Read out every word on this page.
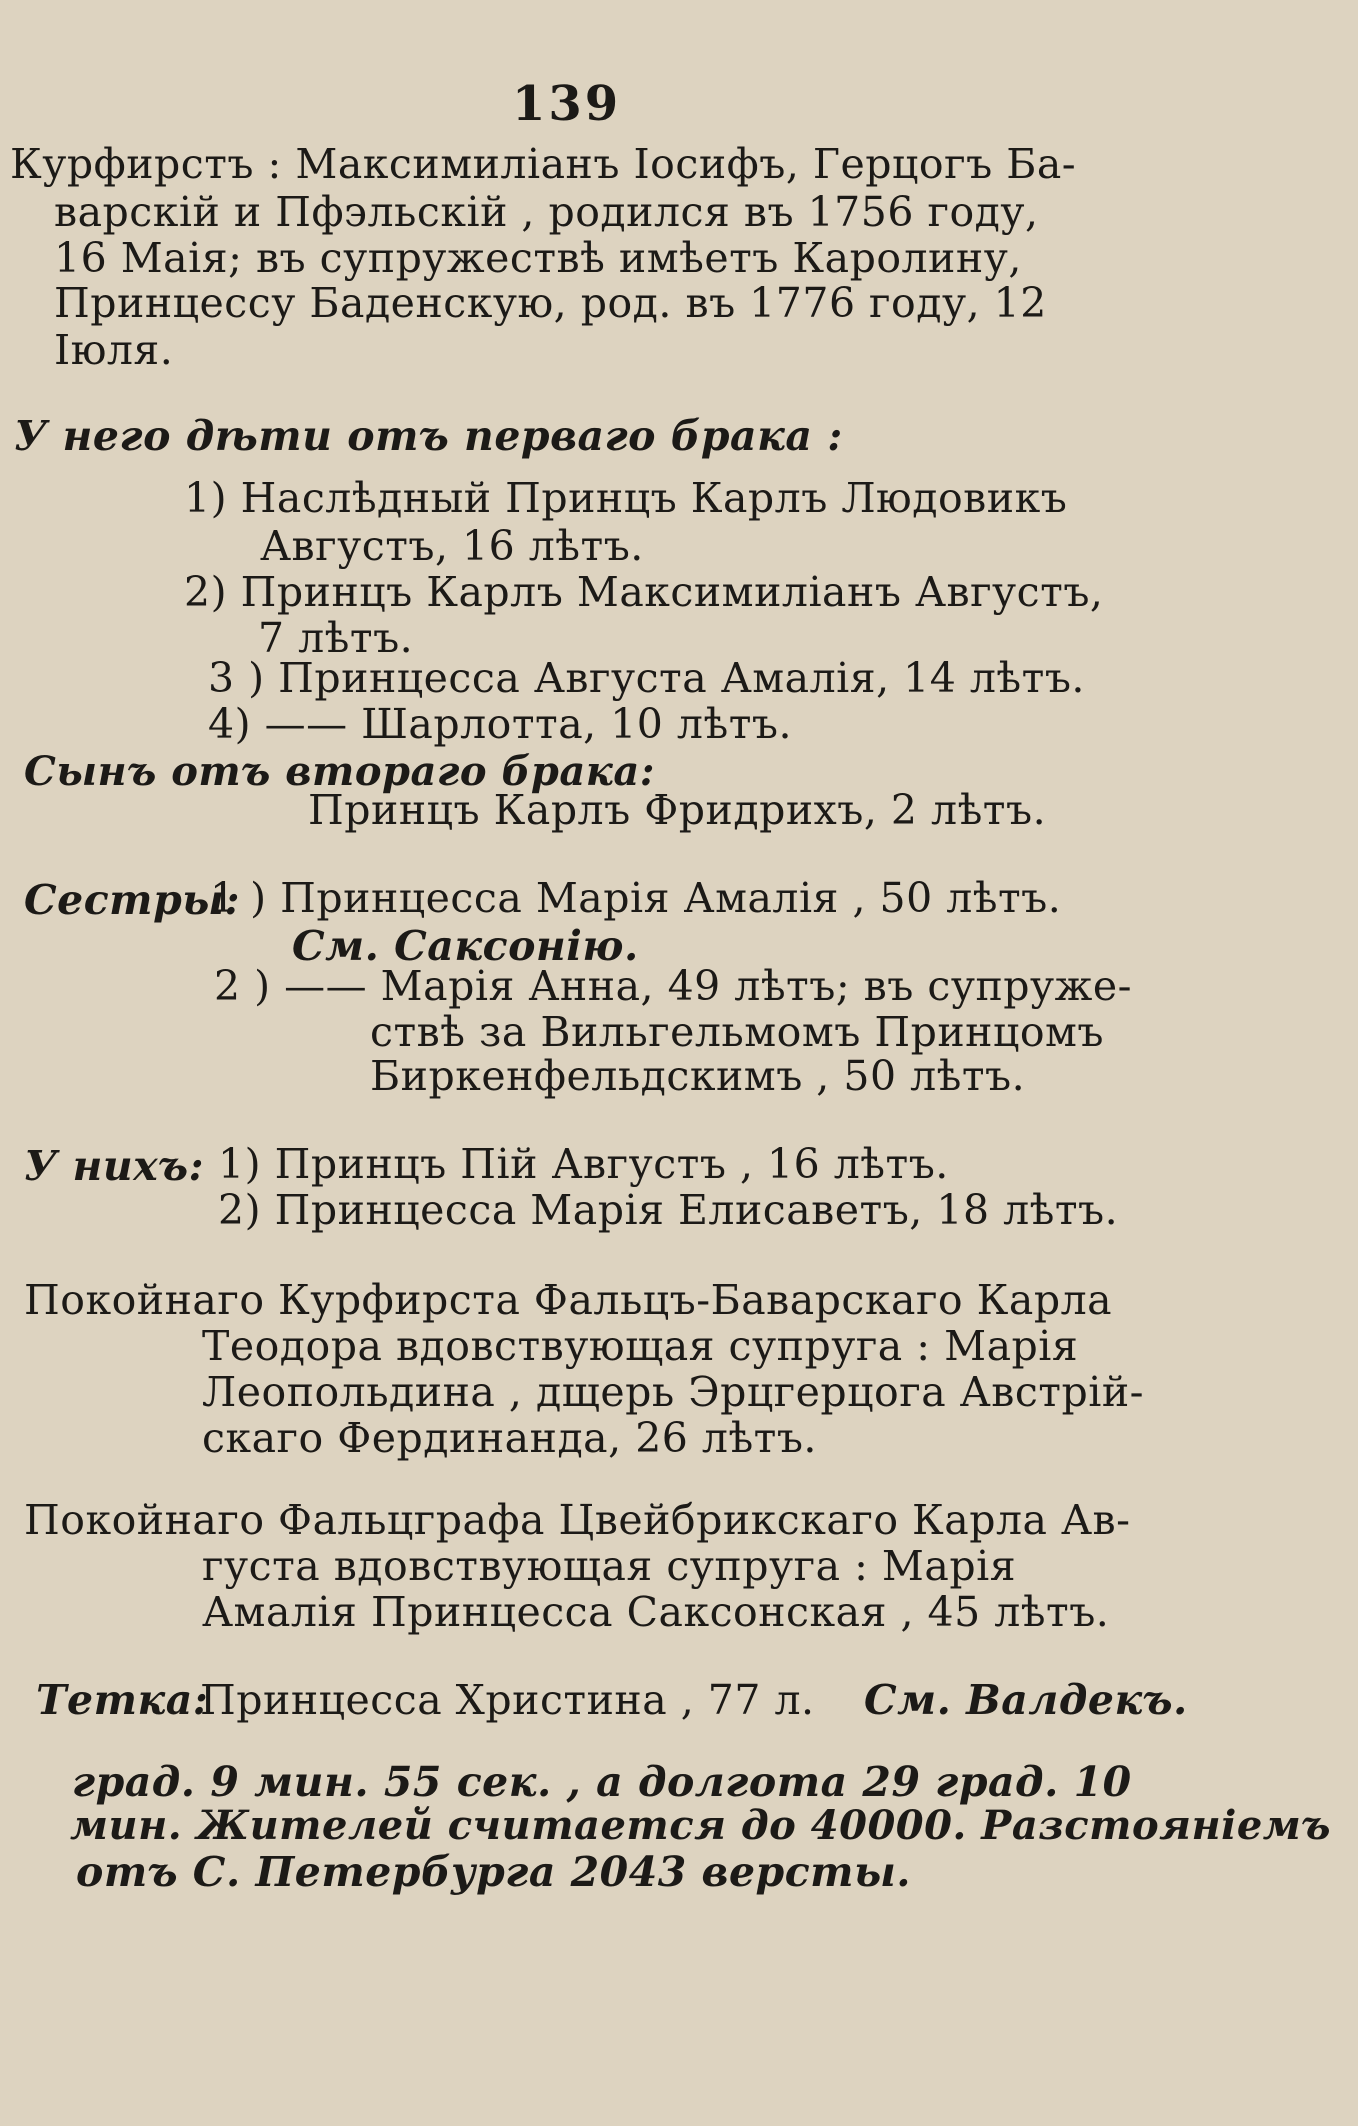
139
Курфирстъ : Максимиліанъ Іосифъ, Герцогъ Ба-
варскій и Пфэльскій , родился въ 1756 году,
16 Маія; въ супружествѣ имѣетъ Каролину,
Принцессу Баденскую, род. въ 1776 году, 12
Іюля.
У него дѣти отъ перваго брака :
1) Наслѣдный Принцъ Карлъ Людовикъ
Августъ, 16 лѣтъ.
2) Принцъ Карлъ Максимиліанъ Августъ,
7 лѣтъ.
3 ) Принцесса Августа Амалія, 14 лѣтъ.
4) —— Шарлотта, 10 лѣтъ.
Сынъ отъ втораго брака:
Принцъ Карлъ Фридрихъ, 2 лѣтъ.
Сестры:
1 ) Принцесса Марія Амалія , 50 лѣтъ.
См. Саксонію.
2 ) —— Марія Анна, 49 лѣтъ; въ супруже-
ствѣ за Вильгельмомъ Принцомъ
Биркенфельдскимъ , 50 лѣтъ.
У нихъ: 1) Принцъ Пій Августъ , 16 лѣтъ.
2) Принцесса Марія Елисаветъ, 18 лѣтъ.
Покойнаго Курфирста Фальцъ-Баварскаго Карла
Теодора вдовствующая супруга : Марія
Леопольдина , дщерь Эрцгерцога Австрій-
скаго Фердинанда, 26 лѣтъ.
Покойнаго Фальцграфа Цвейбрикскаго Карла Ав-
густа вдовствующая супруга : Марія
Амалія Принцесса Саксонская , 45 лѣтъ.
Тетка:
Принцесса Христина , 77 л. См. Валдекъ.
град. 9 мин. 55 сек. , а долгота 29 град. 10
мин. Жителей считается до 40000. Разстояніемъ
отъ С. Петербурга 2043 версты.
